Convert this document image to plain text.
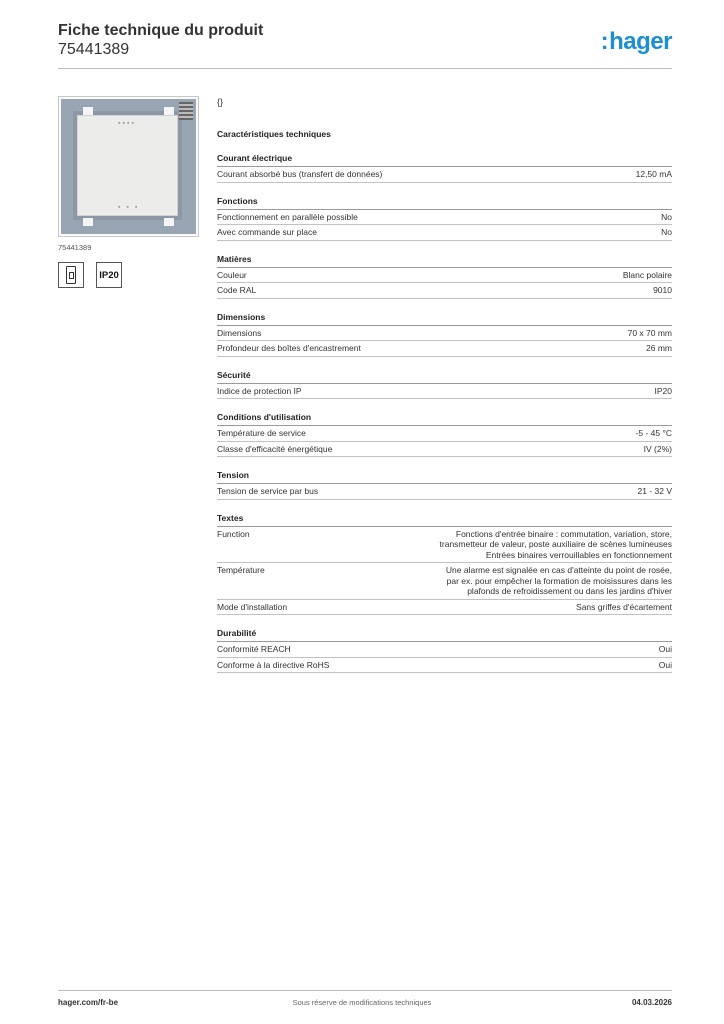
Fiche technique du produit
75441389	:hager
▪▪▪▪
▪ ▪ ▪
75441389
IP20
{}
Caractéristiques techniques
Courant électrique
Courant absorbé bus (transfert de données)	12,50 mA
Fonctions
Fonctionnement en parallèle possible	No
Avec commande sur place	No
Matières
Couleur	Blanc polaire
Code RAL	9010
Dimensions
Dimensions	70 x 70 mm
Profondeur des boîtes d'encastrement	26 mm
Sécurité
Indice de protection IP	IP20
Conditions d'utilisation
Température de service	-5 - 45 °C
Classe d'efficacité énergétique	IV (2%)
Tension
Tension de service par bus	21 - 32 V
Textes
Function	Fonctions d'entrée binaire : commutation, variation, store,
transmetteur de valeur, poste auxiliaire de scènes lumineuses
Entrées binaires verrouillables en fonctionnement
Température	Une alarme est signalée en cas d'atteinte du point de rosée,
par ex. pour empêcher la formation de moisissures dans les
plafonds de refroidissement ou dans les jardins d'hiver
Mode d'installation	Sans griffes d'écartement
Durabilité
Conformité REACH	Oui
Conforme à la directive RoHS	Oui
hager.com/fr-be	Sous réserve de modifications techniques	04.03.2026
